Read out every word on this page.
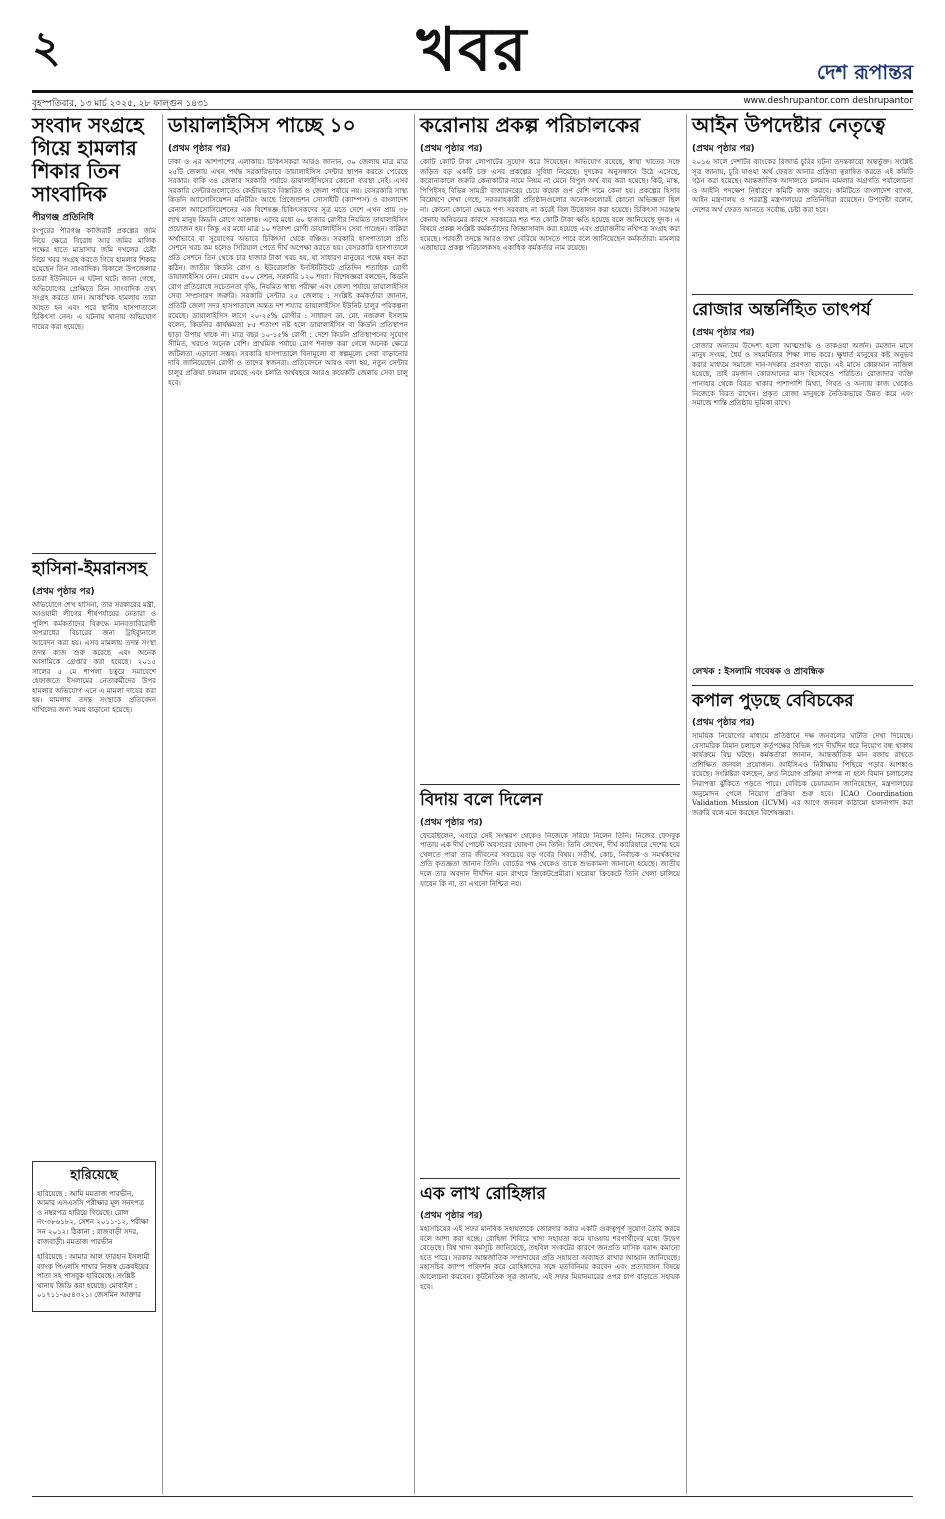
২	খবর	দেশ রূপান্তর
বৃহস্পতিবার, ১৩ মার্চ ২০২৫, ২৮ ফাল্গুন ১৪৩১	www.deshrupantor.com deshrupantor
সংবাদ সংগ্রহে গিয়ে হামলার শিকার তিন সাংবাদিক
পীরগঞ্জ প্রতিনিধি
রংপুরের পীরগঞ্জ কাজিরটি প্রকল্পের জমি নিয়ে ক্ষেত্রে বিরোধ আর জমির মালিক পক্ষের হাতে মাদ্রাসার জমি দখলের চেষ্টা নিয়ে খবর সংগ্রহ করতে গিয়ে হামলার শিকার হয়েছেন তিন সাংবাদিক। বিকালে উপজেলার চতরা ইউনিয়নে এ ঘটনা ঘটে। জানা গেছে, অভিযোগের প্রেক্ষিতে তিন সাংবাদিক তথ্য সংগ্রহ করতে যান। আকস্মিক হামলায় তারা আহত হন এবং পরে স্থানীয় হাসপাতালে চিকিৎসা নেন। এ ঘটনায় থানায় অভিযোগ দায়ের করা হয়েছে।
হাসিনা-ইমরানসহ
(প্রথম পৃষ্ঠার পর)
অভিযোগে শেখ হাসিনা, তার সরকারের মন্ত্রী, আওয়ামী লীগের শীর্ষপর্যায়ের নেতারা ও পুলিশ কর্মকর্তাদের বিরুদ্ধে মানবতাবিরোধী অপরাধের বিচারের জন্য ট্রাইব্যুনালে আবেদন করা হয়। এসব মামলায় তদন্ত সংস্থা তদন্ত কাজ শুরু করেছে এবং অনেক আসামিকে গ্রেপ্তার করা হয়েছে। ২০১৫ সালের ৫ মে শাপলা চত্বরে সমাবেশে হেফাজতে ইসলামের নেতাকর্মীদের উপর হামলার অভিযোগ এনে এ মামলা দায়ের করা হয়। মামলায় তদন্ত সংস্থাকে প্রতিবেদন দাখিলের জন্য সময় বাড়ানো হয়েছে।
হারিয়েছে
হারিয়েছে : আমি মমতাজ পারভীন, আমার এসএসসি পরীক্ষার মূল সনদপত্র ও নম্বরপত্র হারিয়ে গিয়েছে। রোল নং-৩৮৬১৮২, সেশন ২০১১-১২, পরীক্ষা সন ২০১২। ঠিকানা : রাজবাড়ী সদর, রাজবাড়ী। মমতাজ পারভীন
হারিয়েছে : আমার আল ফারহান ইসলামী ব্যাংক পিএলসি শাখার নিজস্ব চেকবইয়ের পাতা সহ পাসবুক হারিয়েছে। সংশ্লিষ্ট থানায় জিডি করা হয়েছে। মোবাইল : ০১৭১১-৬৫৪৩২১। জেসমিন আক্তার
ডায়ালাইসিস পাচ্ছে ১০
(প্রথম পৃষ্ঠার পর)
ঢাকা ও এর আশপাশের এলাকায়। চিকিৎসকরা আরও জানান, ৩০ জেলায় মাত্র মাত্র ২৫টি জেলায় এখন পর্যন্ত সরকারিভাবে ডায়ালাইসিস সেন্টার স্থাপন করতে পেরেছে সরকার। বাকি ৩৪ জেলার সরকারি পর্যায়ে ডায়ালাইসিসের কোনো ব্যবস্থা নেই। এসব সরকারি সেন্টারগুলোতেও কেন্দ্রীয়ভাবে বিস্তারিত ও জেলা পর্যায়ে নয়। বেসরকারি সাস্থ্য কিডনি অ্যাসোসিয়েশন মনিটরিং আছে প্রিজেন্ডশন সোসাইটি (ক্যাম্পস) ও বাংলাদেশ রেনাল অ্যাসোসিয়েশনের এক বিশেষজ্ঞ চিকিৎসকদের সূত্র মতে দেশে এখন প্রায় ৩৮ লাখ মানুষ কিডনি রোগে আক্রান্ত। এদের মধ্যে ৬০ হাজার রোগীর নিয়মিত ডায়ালাইসিস প্রয়োজন হয়। কিন্তু এর মধ্যে মাত্র ১০ শতাংশ রোগী ডায়ালাইসিস সেবা পাচ্ছেন। বাকিরা অর্থাভাবে বা সুযোগের অভাবে চিকিৎসা থেকে বঞ্চিত। সরকারি হাসপাতালে প্রতি সেশনে খরচ কম হলেও সিরিয়াল পেতে দীর্ঘ অপেক্ষা করতে হয়। বেসরকারি হাসপাতালে প্রতি সেশনে তিন থেকে চার হাজার টাকা খরচ হয়, যা সাধারণ মানুষের পক্ষে বহন করা কঠিন। জাতীয় কিডনি রোগ ও ইউরোলজি ইনস্টিটিউটে প্রতিদিন শতাধিক রোগী ডায়ালাইসিস নেন। মেয়াদ ৫০০ সেশন, সরকারি ১২০ শয্যা। বিশেষজ্ঞরা বলছেন, কিডনি রোগ প্রতিরোধে সচেতনতা বৃদ্ধি, নিয়মিত স্বাস্থ্য পরীক্ষা এবং জেলা পর্যায়ে ডায়ালাইসিস সেবা সম্প্রসারণ জরুরি। সরকারি সেন্টার ২৫ জেলায় : সংশ্লিষ্ট কর্মকর্তারা জানান, প্রতিটি জেলা সদর হাসপাতালে অন্তত দশ শয্যার ডায়ালাইসিস ইউনিট চালুর পরিকল্পনা রয়েছে। ডায়ালাইসিস লাগে ২০-২৫% রোগীর : সাধারণ ডা. মো. নজরুল ইসলাম বলেন, কিডনির কার্যক্ষমতা ৮৫ শতাংশ নষ্ট হলে ডায়ালাইসিস বা কিডনি প্রতিস্থাপন ছাড়া উপায় থাকে না। মাত্র বছর ১০-১৫% রোগী : দেশে কিডনি প্রতিস্থাপনের সুযোগ সীমিত, খরচও অনেক বেশি। প্রাথমিক পর্যায়ে রোগ শনাক্ত করা গেলে অনেক ক্ষেত্রে জটিলতা এড়ানো সম্ভব। সরকারি হাসপাতালে বিনামূল্যে বা স্বল্পমূল্যে সেবা বাড়ানোর দাবি জানিয়েছেন রোগী ও তাদের স্বজনরা। প্রতিবেদনে আরও বলা হয়, নতুন সেন্টার চালুর প্রক্রিয়া চলমান রয়েছে এবং চলতি অর্থবছরে আরও কয়েকটি জেলায় সেবা চালু হবে।
করোনায় প্রকল্প পরিচালকের
(প্রথম পৃষ্ঠার পর)
কোটি কোটি টাকা লোপাটের সুযোগ করে দিয়েছেন। অভিযোগ রয়েছে, স্বাস্থ্য খাতের সঙ্গে জড়িত বড় একটি চক্র এসব প্রকল্পের সুবিধা নিয়েছে। দুদকের অনুসন্ধানে উঠে এসেছে, করোনাকালে জরুরি কেনাকাটার নামে নিয়ম না মেনে বিপুল অর্থ ব্যয় করা হয়েছে। কিট, মাস্ক, পিপিইসহ বিভিন্ন সামগ্রী বাজারদরের চেয়ে কয়েক গুণ বেশি দামে কেনা হয়। প্রকল্পের হিসাব বিশ্লেষণে দেখা গেছে, সরবরাহকারী প্রতিষ্ঠানগুলোর অনেকগুলোরই কোনো অভিজ্ঞতা ছিল না। কোনো কোনো ক্ষেত্রে পণ্য সরবরাহ না করেই বিল উত্তোলন করা হয়েছে। চিকিৎসা সরঞ্জাম কেনায় অনিয়মের কারণে সরকারের শত শত কোটি টাকা ক্ষতি হয়েছে বলে জানিয়েছে দুদক। এ বিষয়ে প্রকল্প সংশ্লিষ্ট কর্মকর্তাদের জিজ্ঞাসাবাদ করা হয়েছে এবং প্রয়োজনীয় নথিপত্র সংগ্রহ করা হয়েছে। পরবর্তী তদন্তে আরও তথ্য বেরিয়ে আসতে পারে বলে জানিয়েছেন কর্মকর্তারা। মামলার এজাহারে প্রকল্প পরিচালকসহ একাধিক কর্মকর্তার নাম রয়েছে।
বিদায় বলে দিলেন
(প্রথম পৃষ্ঠার পর)
ফেরেছিলেন, এবারে সেই সংস্করণ থেকেও নিজেকে সরিয়ে নিলেন তিনি। নিজের ফেসবুক পাতায় এক দীর্ঘ পোস্টে অবসরের ঘোষণা দেন তিনি। তিনি লেখেন, দীর্ঘ ক্যারিয়ারে দেশের হয়ে খেলতে পারা তার জীবনের সবচেয়ে বড় গর্বের বিষয়। সতীর্থ, কোচ, নির্বাচক ও সমর্থকদের প্রতি কৃতজ্ঞতা জানান তিনি। বোর্ডের পক্ষ থেকেও তাকে শুভকামনা জানানো হয়েছে। জাতীয় দলে তার অবদান দীর্ঘদিন মনে রাখবে ক্রিকেটপ্রেমীরা। ঘরোয়া ক্রিকেটে তিনি খেলা চালিয়ে যাবেন কি না, তা এখনো নিশ্চিত নয়।
এক লাখ রোহিঙ্গার
(প্রথম পৃষ্ঠার পর)
মহাসচিবের এই সফর মানবিক সহায়তাকে জোরদার করার একটি গুরুত্বপূর্ণ সুযোগ তৈরি করবে বলে আশা করা হচ্ছে। রোহিঙ্গা শিবিরে খাদ্য সহায়তা কমে যাওয়ায় শরণার্থীদের মধ্যে উদ্বেগ বেড়েছে। বিশ্ব খাদ্য কর্মসূচি জানিয়েছে, তহবিল সংকটের কারণে জনপ্রতি মাসিক বরাদ্দ কমানো হতে পারে। সরকার আন্তর্জাতিক সম্প্রদায়ের প্রতি সহায়তা অব্যাহত রাখার আহ্বান জানিয়েছে। মহাসচিব ক্যাম্প পরিদর্শন করে রোহিঙ্গাদের সঙ্গে মতবিনিময় করবেন এবং প্রত্যাবাসন বিষয়ে আলোচনা করবেন। কূটনৈতিক সূত্র জানায়, এই সফর মিয়ানমারের ওপর চাপ বাড়াতে সহায়ক হবে।
আইন উপদেষ্টার নেতৃত্বে
(প্রথম পৃষ্ঠার পর)
২০১৬ সালে দেশটির ব্যাংকের রিজার্ভ চুরির ঘটনা তদন্তকারো অন্তর্ভুক্ত। সংশ্লিষ্ট সূত্র জানায়, চুরি যাওয়া অর্থ ফেরত আনার প্রক্রিয়া ত্বরান্বিত করতে এই কমিটি গঠন করা হয়েছে। আন্তর্জাতিক আদালতে চলমান মামলার অগ্রগতি পর্যালোচনা ও আইনি পদক্ষেপ নির্ধারণে কমিটি কাজ করবে। কমিটিতে বাংলাদেশ ব্যাংক, আইন মন্ত্রণালয় ও পররাষ্ট্র মন্ত্রণালয়ের প্রতিনিধিরা রয়েছেন। উপদেষ্টা বলেন, দেশের অর্থ ফেরত আনতে সর্বোচ্চ চেষ্টা করা হবে।
রোজার অন্তর্নিহিত তাৎপর্য
(প্রথম পৃষ্ঠার পর)
রোজার অন্যতম উদ্দেশ্য হলো আত্মশুদ্ধি ও তাকওয়া অর্জন। রমজান মাসে মানুষ সংযম, ধৈর্য ও সহমর্মিতার শিক্ষা লাভ করে। ক্ষুধার্ত মানুষের কষ্ট অনুভব করার মাধ্যমে সমাজে দান-সদকার প্রবণতা বাড়ে। এই মাসে কোরআন নাজিল হয়েছে, তাই রমজান কোরআনের মাস হিসেবেও পরিচিত। রোজাদার ব্যক্তি পানাহার থেকে বিরত থাকার পাশাপাশি মিথ্যা, গিবত ও অন্যায় কাজ থেকেও নিজেকে বিরত রাখেন। প্রকৃত রোজা মানুষকে নৈতিকভাবে উন্নত করে এবং সমাজে শান্তি প্রতিষ্ঠায় ভূমিকা রাখে।
লেখক : ইসলামি গবেষক ও প্রাবন্ধিক
কপাল পুড়ছে বেবিচকের
(প্রথম পৃষ্ঠার পর)
সাময়িক নিয়োগের মাধ্যমে প্রতিষ্ঠানে দক্ষ জনবলের ঘাটতি দেখা দিয়েছে। বেসামরিক বিমান চলাচল কর্তৃপক্ষের বিভিন্ন পদে দীর্ঘদিন ধরে নিয়োগ বন্ধ থাকায় কার্যক্রমে বিঘ্ন ঘটছে। কর্মকর্তারা জানান, আন্তর্জাতিক মান বজায় রাখতে প্রশিক্ষিত জনবল প্রয়োজন। আইসিএও নিরীক্ষায় পিছিয়ে পড়ার আশঙ্কাও রয়েছে। সংশ্লিষ্টরা বলছেন, দ্রুত নিয়োগ প্রক্রিয়া সম্পন্ন না হলে বিমান চলাচলের নিরাপত্তা ঝুঁকিতে পড়তে পারে। বেবিচক চেয়ারম্যান জানিয়েছেন, মন্ত্রণালয়ের অনুমোদন পেলে নিয়োগ প্রক্রিয়া শুরু হবে। ICAO Coordination Validation Mission (ICVM) এর আগে জনবল কাঠামো হালনাগাদ করা জরুরি বলে মনে করছেন বিশেষজ্ঞরা।
